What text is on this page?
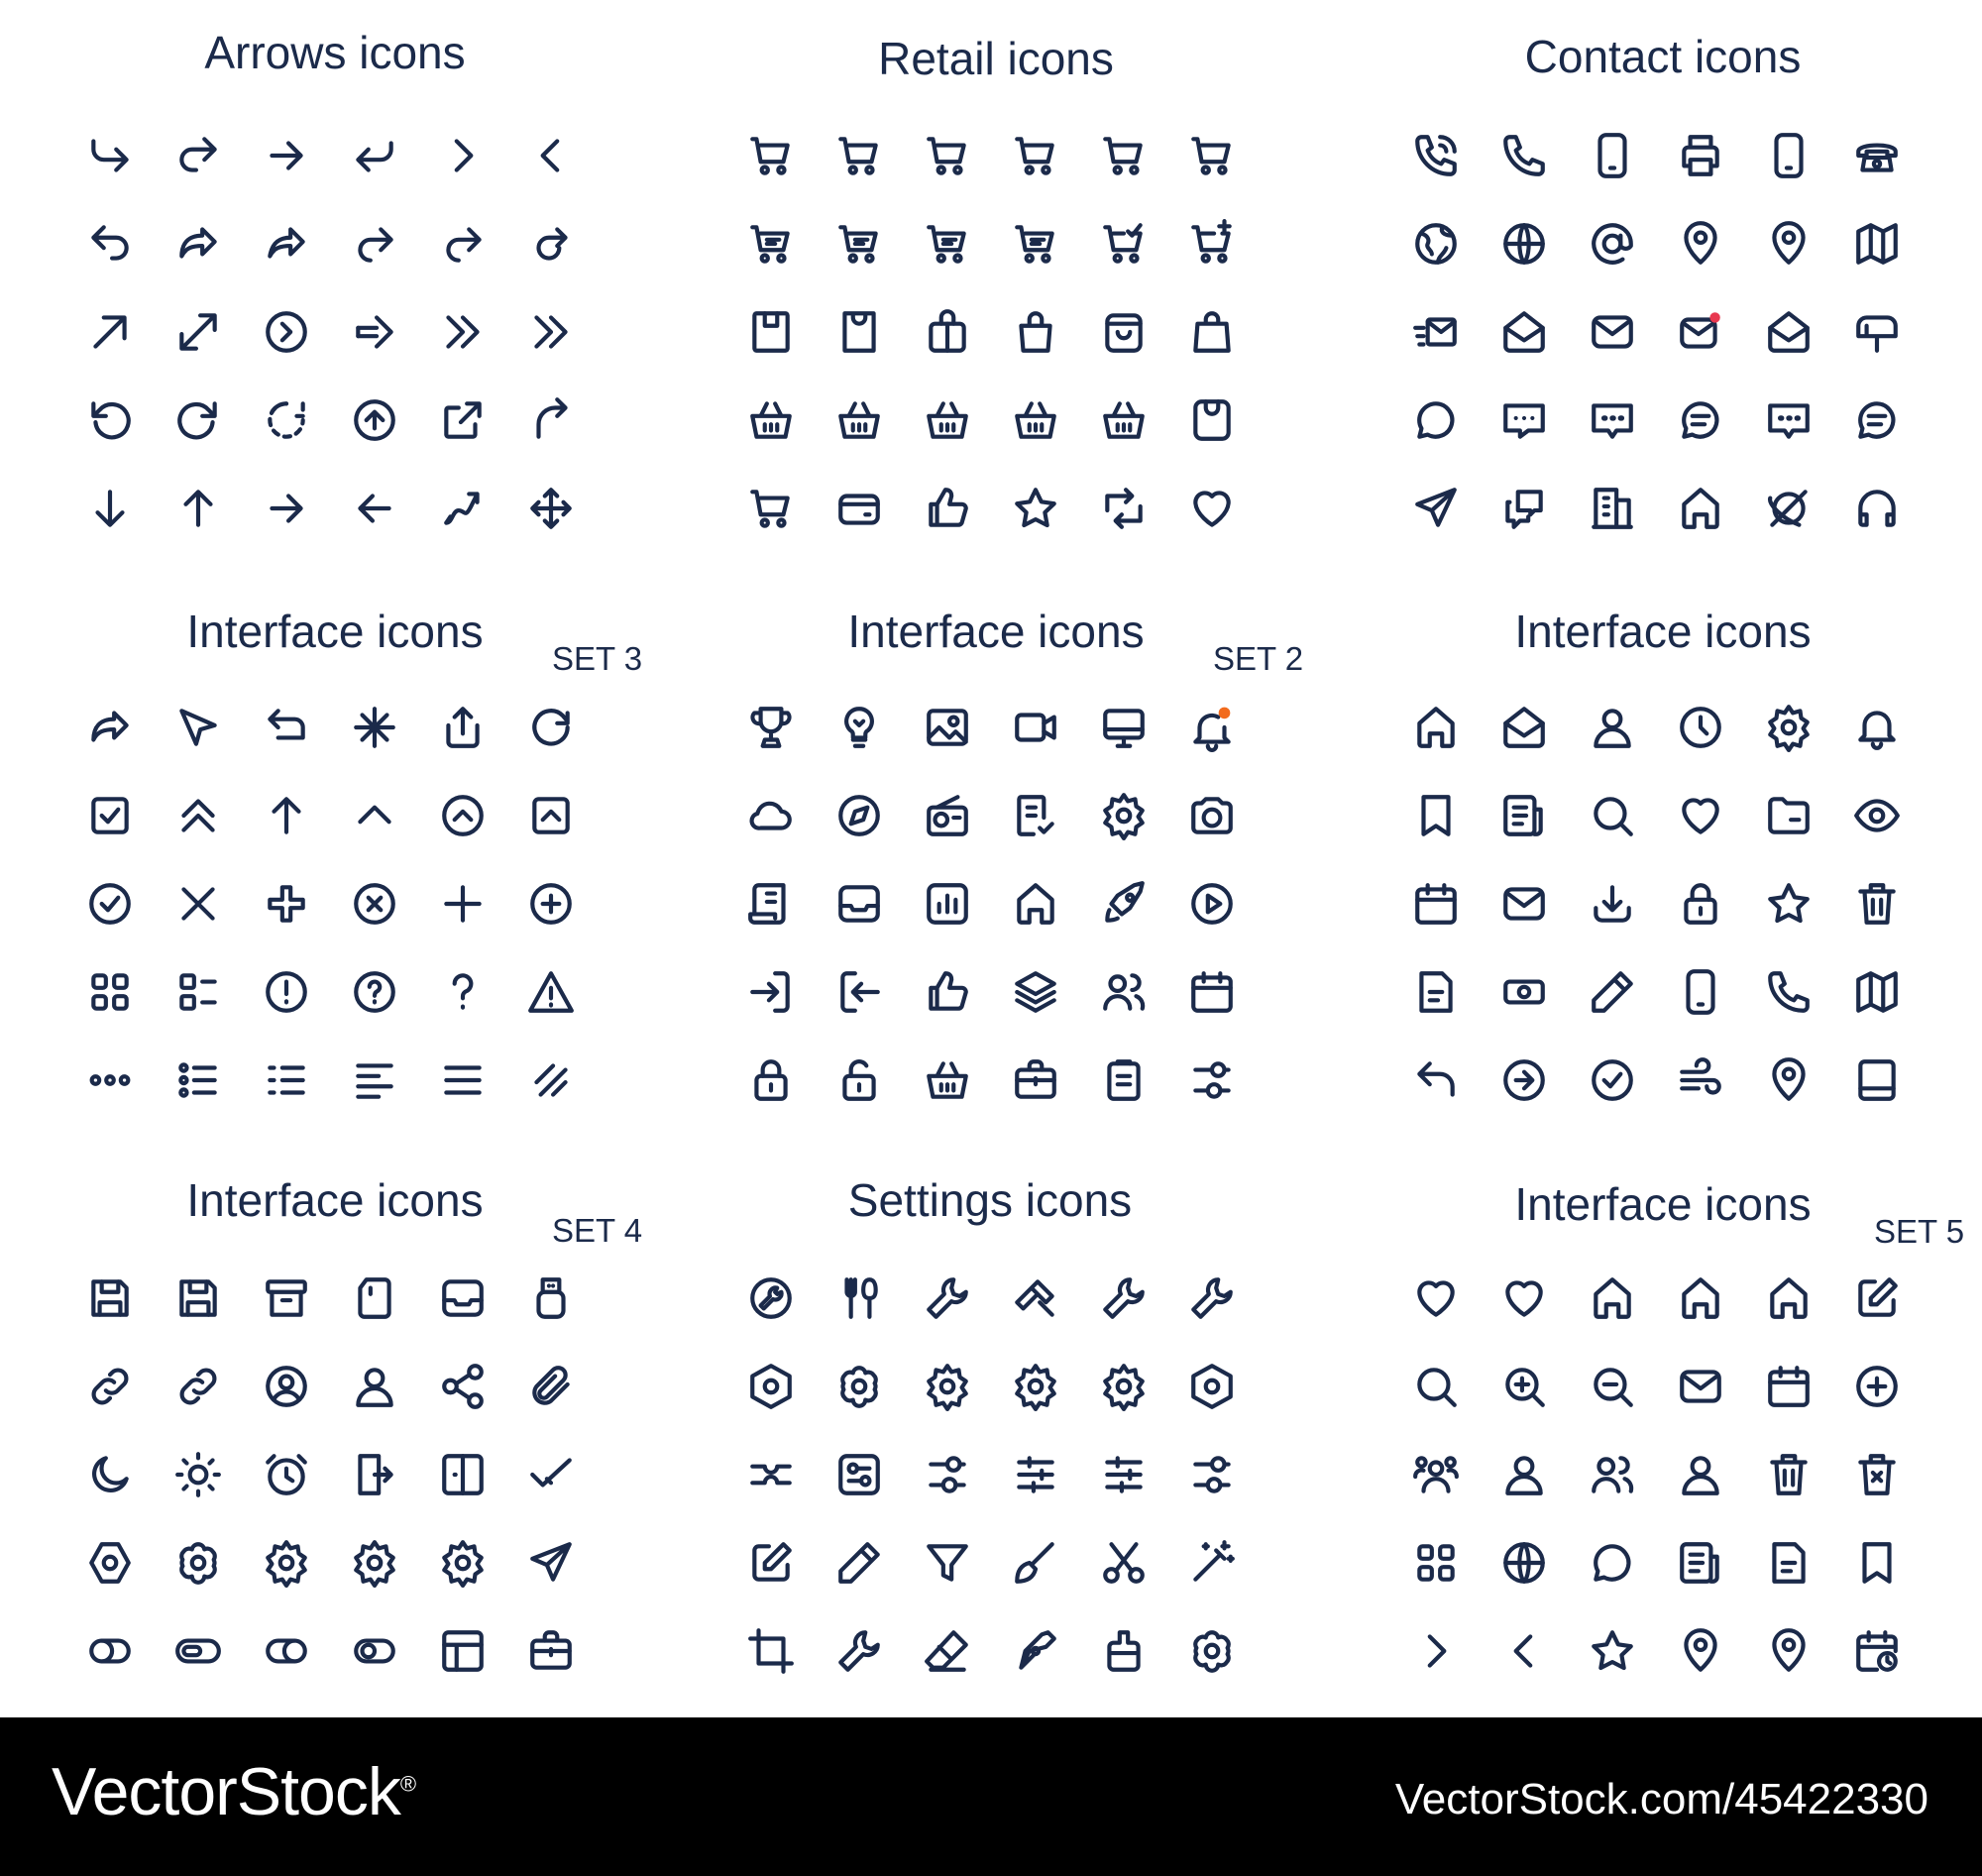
Arrows icons	Retail icons	Contact icons
Interface icons
SET 3
Interface icons
SET 2
Interface icons
Interface icons
SET 4
Settings icons	Interface icons
SET 5
VectorStock®	VectorStock.com/45422330
